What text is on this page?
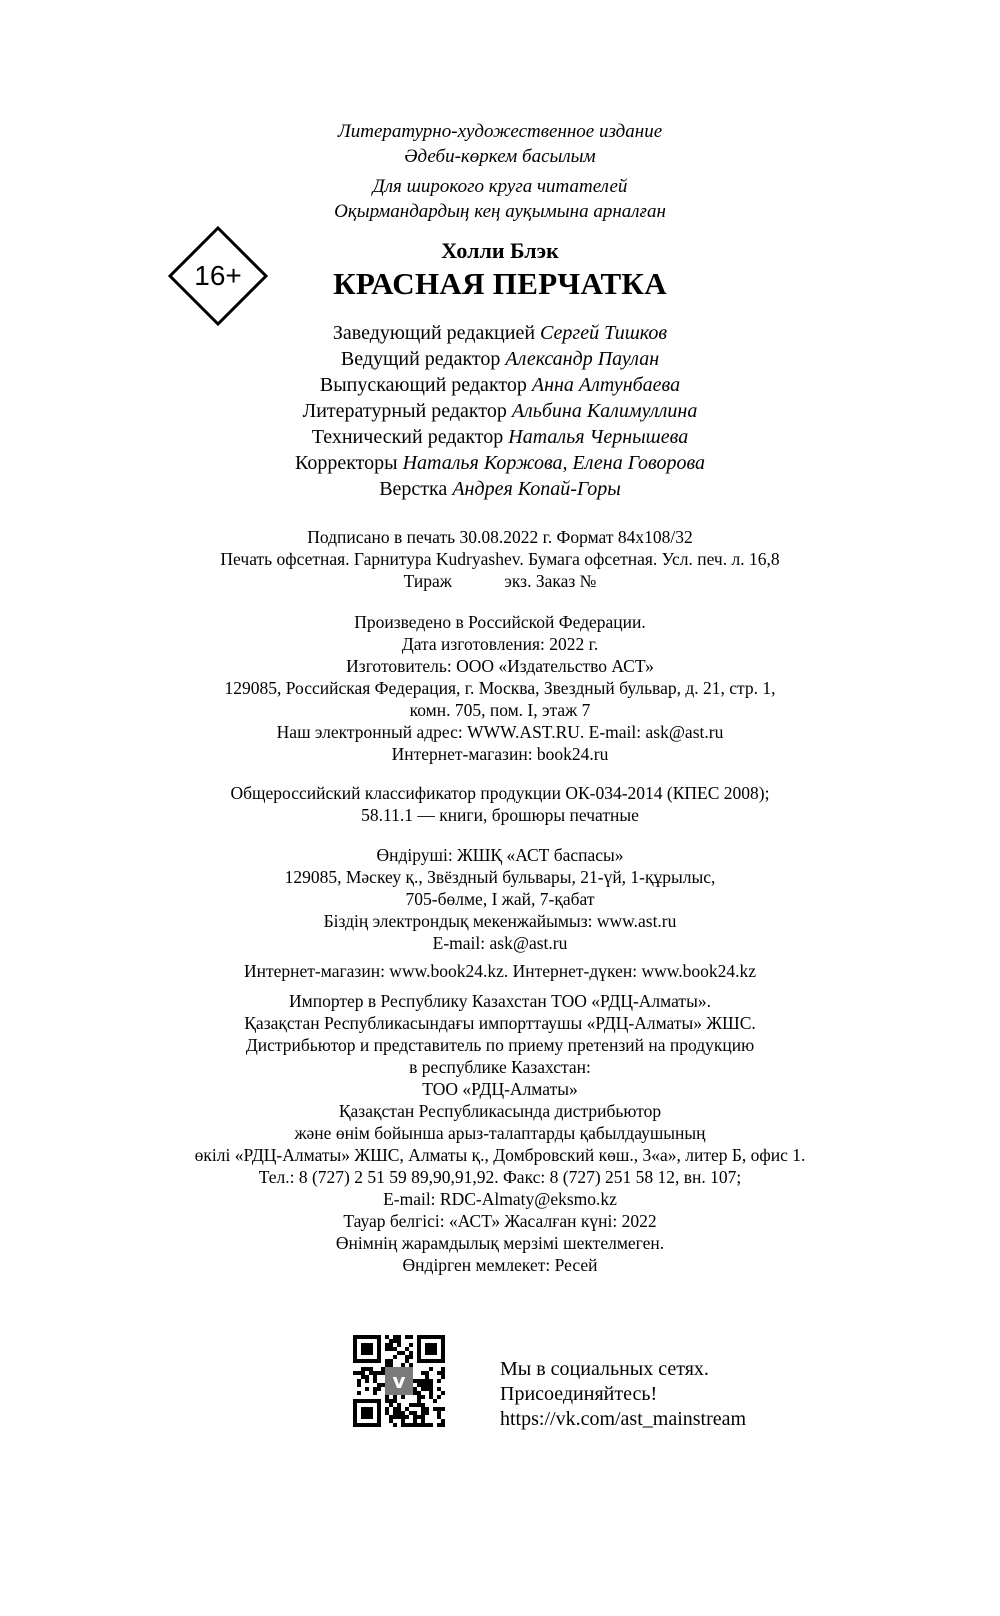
Литературно-художественное издание
Әдеби-көркем басылым
Для широкого круга читателей
Оқырмандардың кең ауқымына арналған
16+
Холли Блэк
КРАСНАЯ ПЕРЧАТКА
Заведующий редакцией Сергей Тишков
Ведущий редактор Александр Паулан
Выпускающий редактор Анна Алтунбаева
Литературный редактор Альбина Калимуллина
Технический редактор Наталья Чернышева
Корректоры Наталья Коржова, Елена Говорова
Верстка Андрея Копай-Горы
Подписано в печать 30.08.2022 г. Формат 84х108/32
Печать офсетная. Гарнитура Kudryashev. Бумага офсетная. Усл. печ. л. 16,8
Тираж            экз. Заказ №
Произведено в Российской Федерации.
Дата изготовления: 2022 г.
Изготовитель: ООО «Издательство АСТ»
129085, Российская Федерация, г. Москва, Звездный бульвар, д. 21, стр. 1,
комн. 705, пом. I, этаж 7
Наш электронный адрес: WWW.AST.RU. E-mail: ask@ast.ru
Интернет-магазин: book24.ru
Общероссийский классификатор продукции ОК-034-2014 (КПЕС 2008);
58.11.1 — книги, брошюры печатные
Өндіруші: ЖШҚ «АСТ баспасы»
129085, Мәскеу қ., Звёздный бульвары, 21-үй, 1-құрылыс,
705-бөлме, I жай, 7-қабат
Біздің электрондық мекенжайымыз: www.ast.ru
E-mail: ask@ast.ru
Интернет-магазин: www.book24.kz. Интернет-дүкен: www.book24.kz
Импортер в Республику Казахстан ТОО «РДЦ-Алматы».
Қазақстан Республикасындағы импорттаушы «РДЦ-Алматы» ЖШС.
Дистрибьютор и представитель по приему претензий на продукцию
в республике Казахстан:
ТОО «РДЦ-Алматы»
Қазақстан Республикасында дистрибьютор
және өнім бойынша арыз-талаптарды қабылдаушының
өкілі «РДЦ-Алматы» ЖШС, Алматы қ., Домбровский көш., 3«а», литер Б, офис 1.
Тел.: 8 (727) 2 51 59 89,90,91,92. Факс: 8 (727) 251 58 12, вн. 107;
E-mail: RDC-Almaty@eksmo.kz
Тауар белгісі: «АСТ» Жасалған күні: 2022
Өнімнің жарамдылық мерзімі шектелмеген.
Өндірген мемлекет: Ресей
v
Мы в социальных сетях.
Присоединяйтесь!
https://vk.com/ast_mainstream
